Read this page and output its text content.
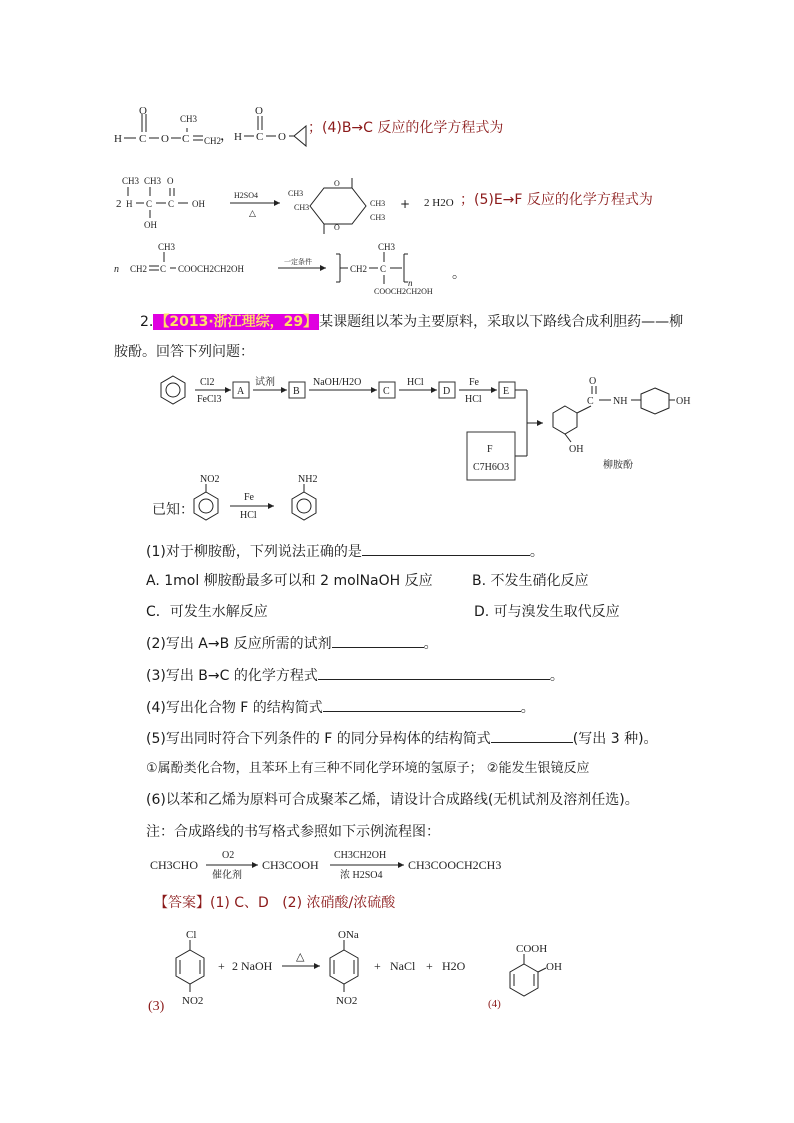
O
H C O C
CH3
CH2
，
O
H C O
；(4)B→C 反应的化学方程式为
CH3
2 H C
CH3
OH
C
O
OH
H2SO4
△
O
O
CH3
CH3	CH3
CH3
+ 2 H2O ；(5)E→F 反应的化学方程式为
n CH2 C
CH3
COOCH2CH2OH
一定条件
CH2 C
CH3
COOCH2CH2OH
n
。
2. 【2013·浙江理综，29】 某课题组以苯为主要原料，采取以下路线合成利胆药——柳
胺酚。回答下列问题：
Cl2
FeCl3
A
试剂
B
NaOH/H2O
C
HCl
D
Fe
HCl
E
F
C7H6O3
C
O
NH	OH
OH
柳胺酚
已知：
NO2
Fe
HCl
NH2
(1)对于柳胺酚，下列说法正确的是	。
A. 1mol 柳胺酚最多可以和 2 molNaOH 反应	B. 不发生硝化反应
C．可发生水解反应	D. 可与溴发生取代反应
(2)写出 A→B 反应所需的试剂	。
(3)写出 B→C 的化学方程式	。
(4)写出化合物 F 的结构简式	。
(5)写出同时符合下列条件的 F 的同分异构体的结构简式	(写出 3 种)。
①属酚类化合物，且苯环上有三种不同化学环境的氢原子； ②能发生银镜反应
(6)以苯和乙烯为原料可合成聚苯乙烯，请设计合成路线(无机试剂及溶剂任选)。
注：合成路线的书写格式参照如下示例流程图：
CH3CHO
O2
催化剂
CH3COOH
CH3CH2OH
浓 H2SO4
CH3COOCH2CH3
【答案】(1) C、D (2) 浓硝酸/浓硫酸
(3)
Cl
NO2
+ 2 NaOH
△
ONa
NO2
+ NaCl + H2O
(4)
COOH
OH
